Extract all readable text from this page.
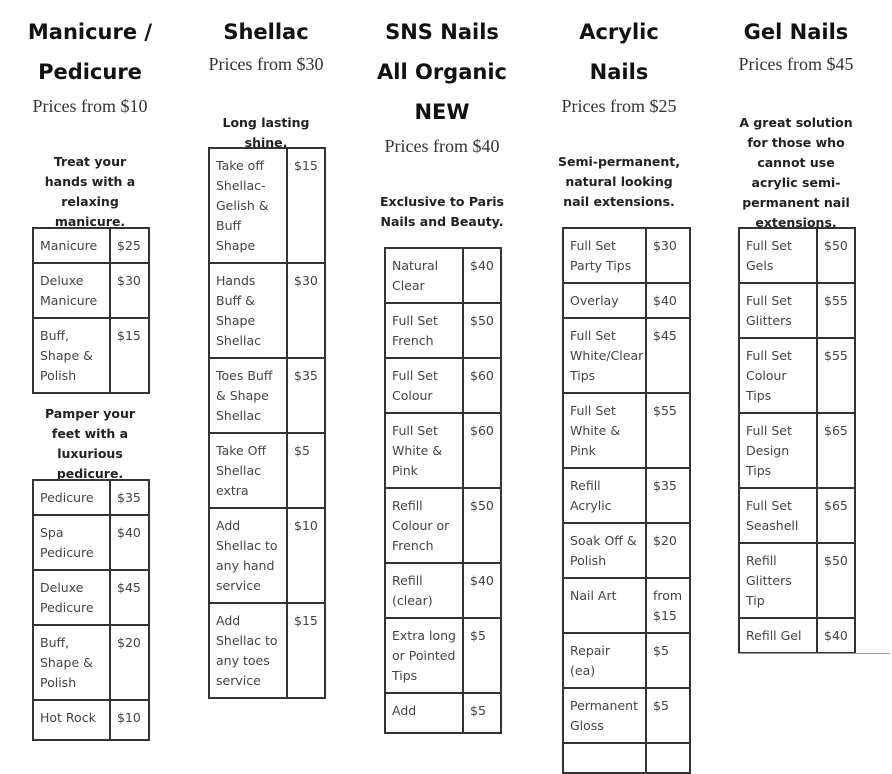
Manicure /
Pedicure

Prices from $10

Treat your hands with a relaxing manicure.
Manicure	$25
Deluxe Manicure	$30
Buff, Shape & Polish	$15
Pamper your feet with a luxurious pedicure.
Pedicure	$35
Spa Pedicure	$40
Deluxe Pedicure	$45
Buff, Shape & Polish	$20
Hot Rock	$10
Shellac

Prices from $30

Long lasting shine.
Take off Shellac-Gelish & Buff Shape	$15
Hands Buff & Shape Shellac	$30
Toes Buff & Shape Shellac	$35
Take Off Shellac extra	$5
Add Shellac to any hand service	$10
Add Shellac to any toes service	$15
SNS Nails
All Organic
NEW

Prices from $40

Exclusive to Paris Nails and Beauty.
Natural Clear	$40
Full Set French	$50
Full Set Colour	$60
Full Set White & Pink	$60
Refill Colour or French	$50
Refill (clear)	$40
Extra long or Pointed Tips	$5
Add	$5
Acrylic
Nails

Prices from $25

Semi-permanent, natural looking nail extensions.
Full Set Party Tips	$30
Overlay	$40
Full Set White/Clear Tips	$45
Full Set White & Pink	$55
Refill Acrylic	$35
Soak Off & Polish	$20
Nail Art	from $15
Repair (ea)	$5
Permanent Gloss	$5

Gel Nails

Prices from $45

A great solution for those who cannot use acrylic semi-permanent nail extensions.
Full Set Gels	$50
Full Set Glitters	$55
Full Set Colour Tips	$55
Full Set Design Tips	$65
Full Set Seashell	$65
Refill Glitters Tip	$50
Refill Gel	$40
